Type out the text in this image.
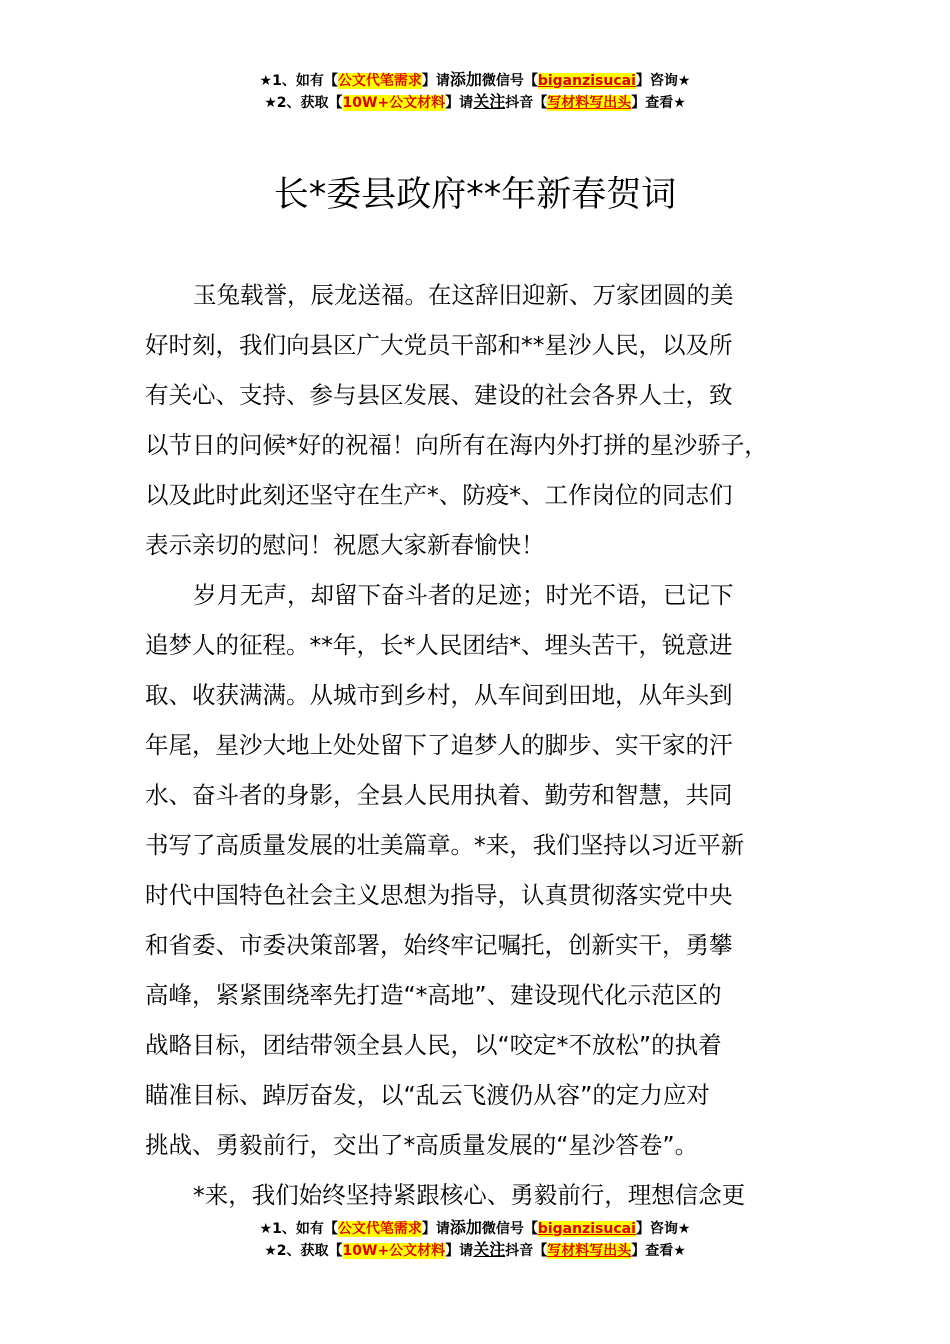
★1、如有【公文代笔需求】请添加微信号【biganzisucai】咨询★
★2、获取【10W+公文材料】请关注抖音【写材料写出头】查看★
长*委县政府**年新春贺词
玉兔载誉，辰龙送福。在这辞旧迎新、万家团圆的美
好时刻，我们向县区广大党员干部和**星沙人民，以及所
有关心、支持、参与县区发展、建设的社会各界人士，致
以节日的问候*好的祝福！向所有在海内外打拼的星沙骄子，
以及此时此刻还坚守在生产*、防疫*、工作岗位的同志们
表示亲切的慰问！祝愿大家新春愉快！
岁月无声，却留下奋斗者的足迹；时光不语，已记下
追梦人的征程。**年，长*人民团结*、埋头苦干，锐意进
取、收获满满。从城市到乡村，从车间到田地，从年头到
年尾，星沙大地上处处留下了追梦人的脚步、实干家的汗
水、奋斗者的身影，全县人民用执着、勤劳和智慧，共同
书写了高质量发展的壮美篇章。*来，我们坚持以习近平新
时代中国特色社会主义思想为指导，认真贯彻落实党中央
和省委、市委决策部署，始终牢记嘱托，创新实干，勇攀
高峰，紧紧围绕率先打造“*高地”、建设现代化示范区的
战略目标，团结带领全县人民，以“咬定*不放松”的执着
瞄准目标、踔厉奋发，以“乱云飞渡仍从容”的定力应对
挑战、勇毅前行，交出了*高质量发展的“星沙答卷”。
*来，我们始终坚持紧跟核心、勇毅前行，理想信念更
★1、如有【公文代笔需求】请添加微信号【biganzisucai】咨询★
★2、获取【10W+公文材料】请关注抖音【写材料写出头】查看★
